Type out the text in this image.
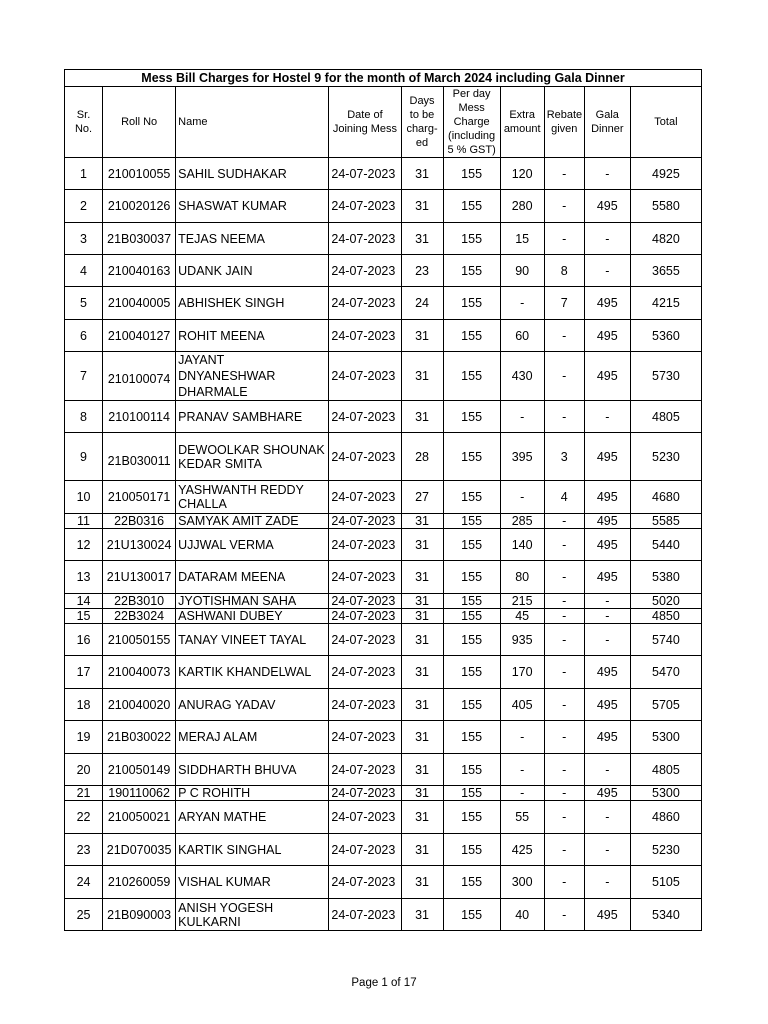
Mess Bill Charges for Hostel 9 for the month of March 2024 including Gala Dinner									
Sr. No.	Roll No	Name	Date of Joining Mess	Days to be charg-ed	Per day Mess Charge (including 5 % GST)	Extra amount	Rebate given	Gala Dinner	Total
1	210010055	SAHIL SUDHAKAR	24-07-2023	31	155	120	-	-	4925
2	210020126	SHASWAT KUMAR	24-07-2023	31	155	280	-	495	5580
3	21B030037	TEJAS NEEMA	24-07-2023	31	155	15	-	-	4820
4	210040163	UDANK JAIN	24-07-2023	23	155	90	8	-	3655
5	210040005	ABHISHEK SINGH	24-07-2023	24	155	-	7	495	4215
6	210040127	ROHIT MEENA	24-07-2023	31	155	60	-	495	5360
7	210100074	JAYANT DNYANESHWAR DHARMALE	24-07-2023	31	155	430	-	495	5730
8	210100114	PRANAV SAMBHARE	24-07-2023	31	155	-	-	-	4805
9	21B030011	DEWOOLKAR SHOUNAK KEDAR SMITA	24-07-2023	28	155	395	3	495	5230
10	210050171	YASHWANTH REDDY CHALLA	24-07-2023	27	155	-	4	495	4680
11	22B0316	SAMYAK AMIT ZADE	24-07-2023	31	155	285	-	495	5585
12	21U130024	UJJWAL VERMA	24-07-2023	31	155	140	-	495	5440
13	21U130017	DATARAM MEENA	24-07-2023	31	155	80	-	495	5380
14	22B3010	JYOTISHMAN SAHA	24-07-2023	31	155	215	-	-	5020
15	22B3024	ASHWANI DUBEY	24-07-2023	31	155	45	-	-	4850
16	210050155	TANAY VINEET TAYAL	24-07-2023	31	155	935	-	-	5740
17	210040073	KARTIK KHANDELWAL	24-07-2023	31	155	170	-	495	5470
18	210040020	ANURAG YADAV	24-07-2023	31	155	405	-	495	5705
19	21B030022	MERAJ ALAM	24-07-2023	31	155	-	-	495	5300
20	210050149	SIDDHARTH BHUVA	24-07-2023	31	155	-	-	-	4805
21	190110062	P C ROHITH	24-07-2023	31	155	-	-	495	5300
22	210050021	ARYAN MATHE	24-07-2023	31	155	55	-	-	4860
23	21D070035	KARTIK SINGHAL	24-07-2023	31	155	425	-	-	5230
24	210260059	VISHAL KUMAR	24-07-2023	31	155	300	-	-	5105
25	21B090003	ANISH YOGESH KULKARNI	24-07-2023	31	155	40	-	495	5340
Page 1 of 17
